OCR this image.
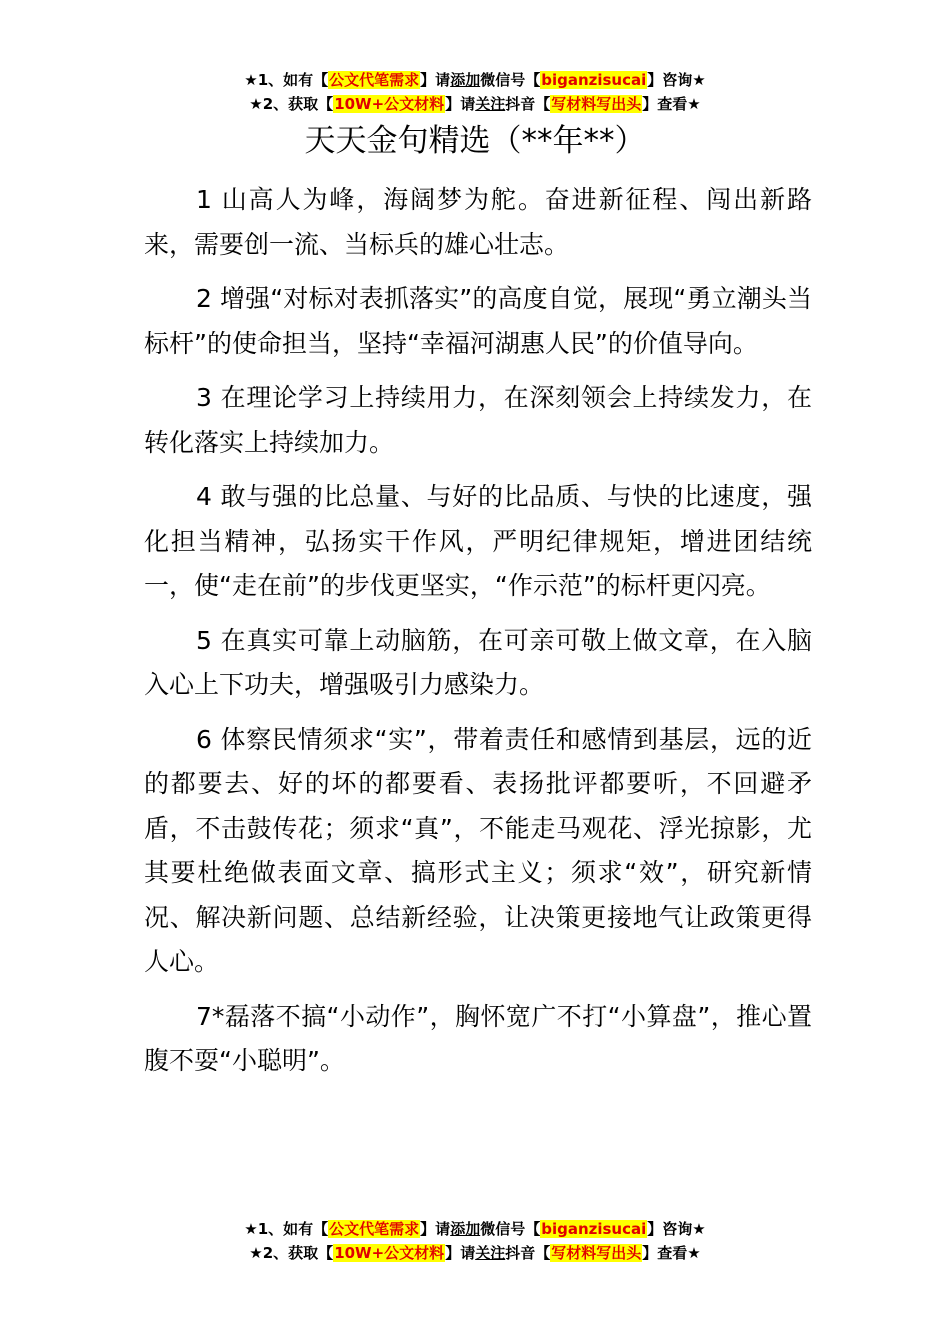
★1、如有【公文代笔需求】请添加微信号【biganzisucai】咨询★
★2、获取【10W+公文材料】请关注抖音【写材料写出头】查看★
天天金句精选（**年**）

1 山高人为峰，海阔梦为舵。奋进新征程、闯出新路来，需要创一流、当标兵的雄心壮志。

2 增强“对标对表抓落实”的高度自觉，展现“勇立潮头当标杆”的使命担当，坚持“幸福河湖惠人民”的价值导向。

3 在理论学习上持续用力，在深刻领会上持续发力，在转化落实上持续加力。

4 敢与强的比总量、与好的比品质、与快的比速度，强化担当精神，弘扬实干作风，严明纪律规矩，增进团结统一，使“走在前”的步伐更坚实，“作示范”的标杆更闪亮。

5 在真实可靠上动脑筋，在可亲可敬上做文章，在入脑入心上下功夫，增强吸引力感染力。

6 体察民情须求“实”，带着责任和感情到基层，远的近的都要去、好的坏的都要看、表扬批评都要听，不回避矛盾，不击鼓传花；须求“真”，不能走马观花、浮光掠影，尤其要杜绝做表面文章、搞形式主义；须求“效”，研究新情况、解决新问题、总结新经验，让决策更接地气让政策更得人心。

7*磊落不搞“小动作”，胸怀宽广不打“小算盘”，推心置腹不耍“小聪明”。

★1、如有【公文代笔需求】请添加微信号【biganzisucai】咨询★
★2、获取【10W+公文材料】请关注抖音【写材料写出头】查看★
